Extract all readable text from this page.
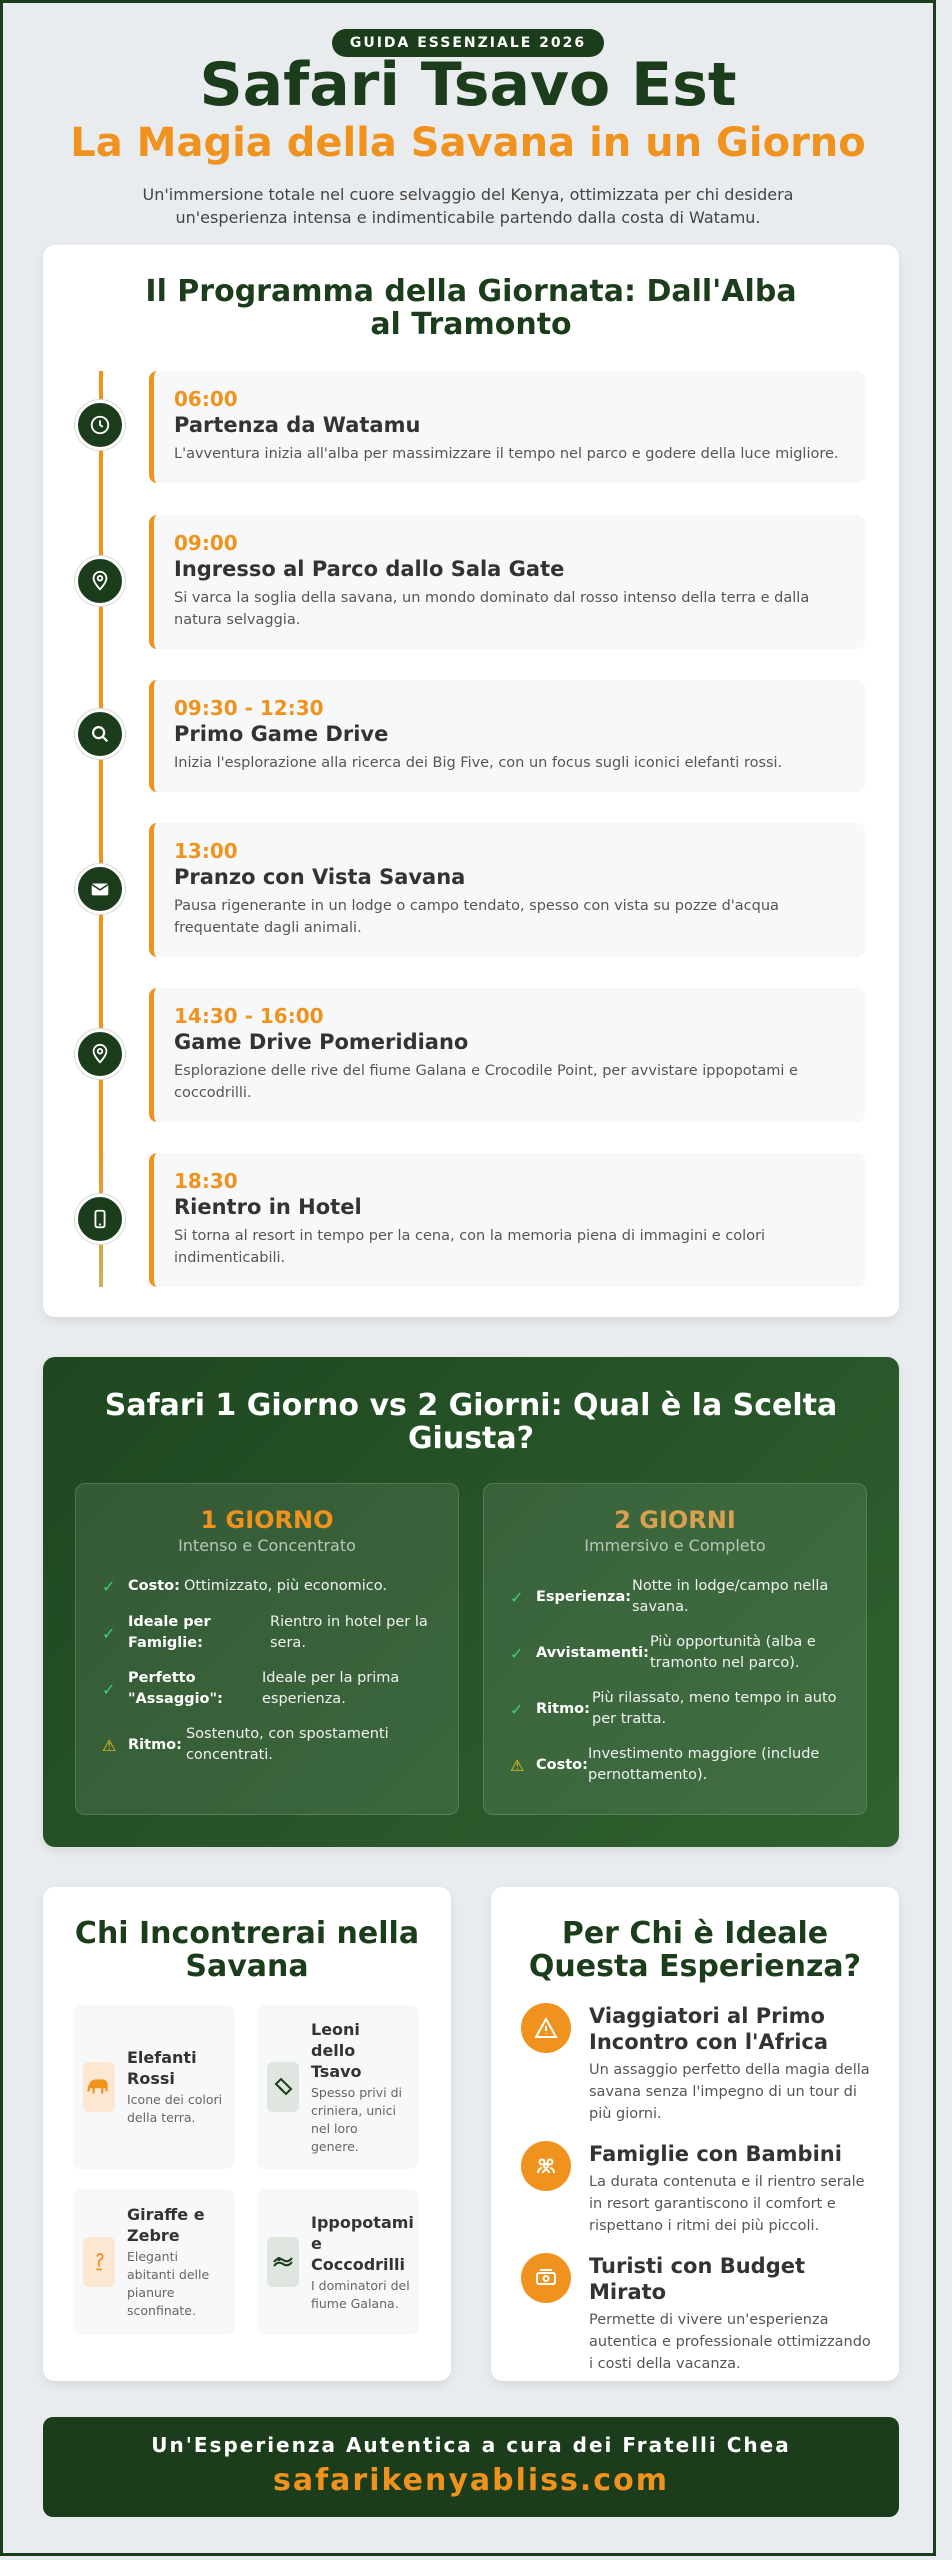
GUIDA ESSENZIALE 2026
Safari Tsavo Est
La Magia della Savana in un Giorno

Un'immersione totale nel cuore selvaggio del Kenya, ottimizzata per chi desidera un'esperienza intensa e indimenticabile partendo dalla costa di Watamu.

Il Programma della Giornata: Dall'Alba al Tramonto
06:00
Partenza da Watamu
L'avventura inizia all'alba per massimizzare il tempo nel parco e godere della luce migliore.
09:00
Ingresso al Parco dallo Sala Gate
Si varca la soglia della savana, un mondo dominato dal rosso intenso della terra e dalla natura selvaggia.
09:30 - 12:30
Primo Game Drive
Inizia l'esplorazione alla ricerca dei Big Five, con un focus sugli iconici elefanti rossi.
13:00
Pranzo con Vista Savana
Pausa rigenerante in un lodge o campo tendato, spesso con vista su pozze d'acqua frequentate dagli animali.
14:30 - 16:00
Game Drive Pomeridiano
Esplorazione delle rive del fiume Galana e Crocodile Point, per avvistare ippopotami e coccodrilli.
18:30
Rientro in Hotel
Si torna al resort in tempo per la cena, con la memoria piena di immagini e colori indimenticabili.
Safari 1 Giorno vs 2 Giorni: Qual è la Scelta Giusta?
1 GIORNO
Intenso e Concentrato
✓ Costo: Ottimizzato, più economico.
✓
Ideale per Famiglie:
Rientro in hotel per la sera.
✓
Perfetto "Assaggio":
Ideale per la prima esperienza.
⚠ Ritmo:
Sostenuto, con spostamenti concentrati.
2 GIORNI
Immersivo e Completo
✓ Esperienza:
Notte in lodge/campo nella savana.
✓ Avvistamenti:
Più opportunità (alba e tramonto nel parco).
✓ Ritmo:
Più rilassato, meno tempo in auto per tratta.
⚠ Costo:
Investimento maggiore (include pernottamento).
Chi Incontrerai nella Savana
Elefanti Rossi
Icone dei colori della terra.
Leoni dello Tsavo
Spesso privi di criniera, unici nel loro genere.
Giraffe e Zebre
Eleganti abitanti delle pianure sconfinate.
Ippopotami e Coccodrilli
I dominatori del fiume Galana.
Per Chi è Ideale Questa Esperienza?
Viaggiatori al Primo Incontro con l'Africa
Un assaggio perfetto della magia della savana senza l'impegno di un tour di più giorni.
Famiglie con Bambini
La durata contenuta e il rientro serale in resort garantiscono il comfort e rispettano i ritmi dei più piccoli.
Turisti con Budget Mirato
Permette di vivere un'esperienza autentica e professionale ottimizzando i costi della vacanza.
Un'Esperienza Autentica a cura dei Fratelli Chea
safarikenyabliss.com
